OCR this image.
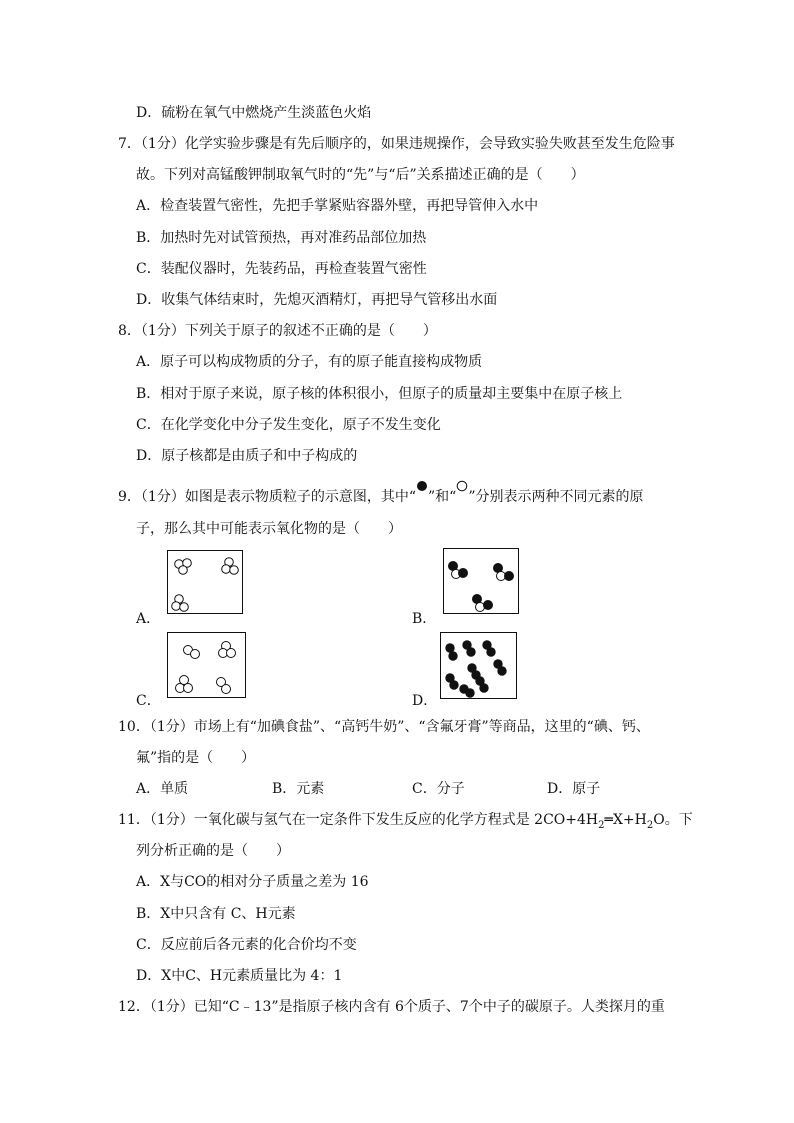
D．硫粉在氧气中燃烧产生淡蓝色火焰
7．（1分）化学实验步骤是有先后顺序的，如果违规操作，会导致实验失败甚至发生危险事
故。下列对高锰酸钾制取氧气时的“先”与“后”关系描述正确的是（　　）
A．检查装置气密性，先把手掌紧贴容器外壁，再把导管伸入水中
B．加热时先对试管预热，再对准药品部位加热
C．装配仪器时，先装药品，再检查装置气密性
D．收集气体结束时，先熄灭酒精灯，再把导气管移出水面
8．（1分）下列关于原子的叙述不正确的是（　　）
A．原子可以构成物质的分子，有的原子能直接构成物质
B．相对于原子来说，原子核的体积很小，但原子的质量却主要集中在原子核上
C．在化学变化中分子发生变化，原子不发生变化
D．原子核都是由质子和中子构成的
9．（1分）如图是表示物质粒子的示意图，其中“ ”和“ ”分别表示两种不同元素的原
子，那么其中可能表示氧化物的是（　　）
A．	B．
C．	D．
10．（1分）市场上有“加碘食盐”、“高钙牛奶”、“含氟牙膏”等商品，这里的“碘、钙、
氟”指的是（　　）
A．单质	B．元素	C．分子	D．原子
11．（1分）一氧化碳与氢气在一定条件下发生反应的化学方程式是 $2CO+4H_2═X+H_2O$。下
列分析正确的是（　　）
A．X与CO的相对分子质量之差为 16
B．X中只含有 C、H元素
C．反应前后各元素的化合价均不变
D．X中C、H元素质量比为 4：1
12．（1分）已知“C﹣13”是指原子核内含有 6个质子、7个中子的碳原子。人类探月的重
